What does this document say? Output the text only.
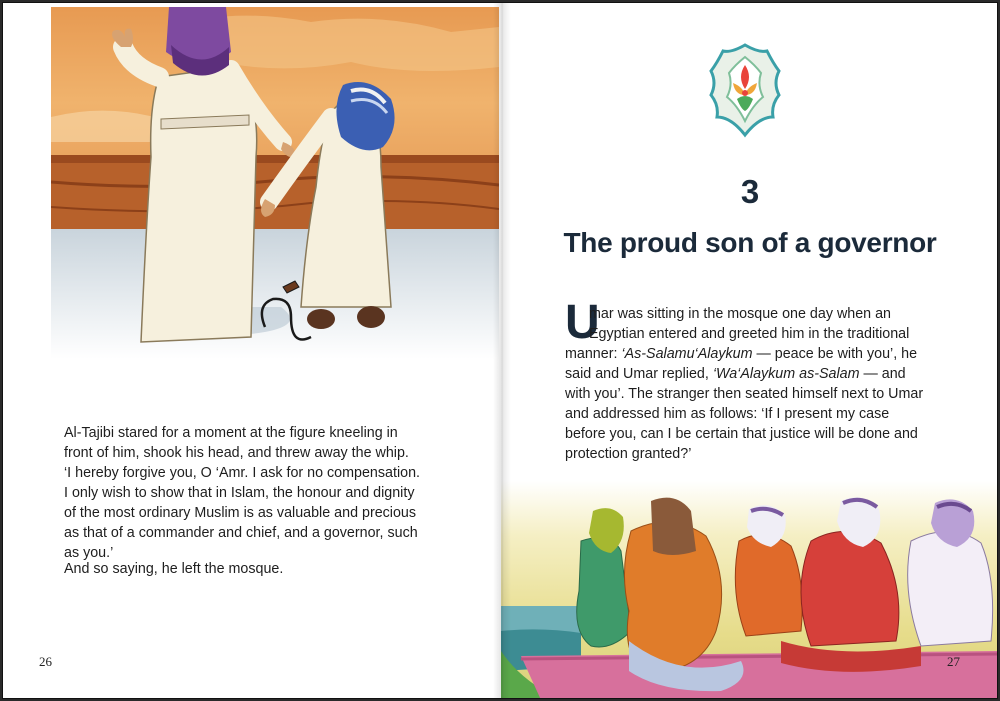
Al-Tajibi stared for a moment at the figure kneeling in
front of him, shook his head, and threw away the whip.
‘I hereby forgive you, O ‘Amr. I ask for no compensation.
I only wish to show that in Islam, the honour and dignity
of the most ordinary Muslim is as valuable and precious
as that of a commander and chief, and a governor, such
as you.’

And so saying, he left the mosque.

26
3
The proud son of a governor
U
mar was sitting in the mosque one day when an
Egyptian entered and greeted him in the traditional
manner: ‘As-Salamu‘Alaykum — peace be with you’, he
said and Umar replied, ‘Wa‘Alaykum as-Salam — and
with you’. The stranger then seated himself next to Umar
and addressed him as follows: ‘If I present my case
before you, can I be certain that justice will be done and
protection granted?’
27
